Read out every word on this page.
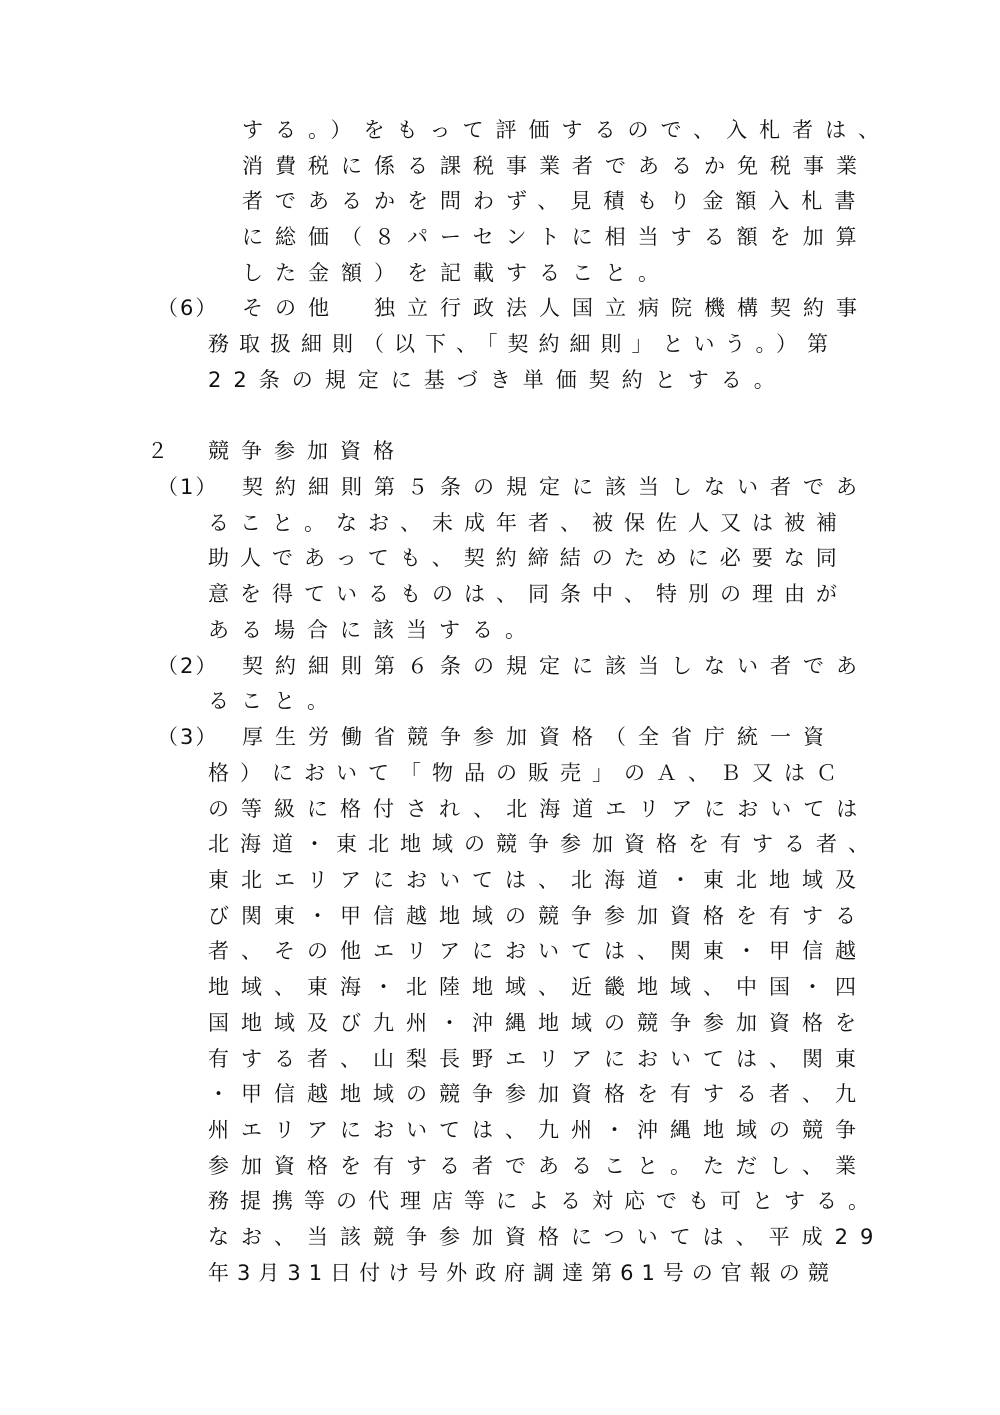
する。）をもって評価するので、入札者は、
消費税に係る課税事業者であるか免税事業
者であるかを問わず、見積もり金額入札書
に総価（８パーセントに相当する額を加算
した金額）を記載すること。
（6） その他　独立行政法人国立病院機構契約事
務取扱細則（以下、「契約細則」という。）第
22条の規定に基づき単価契約とする。
２ 競争参加資格
（1） 契約細則第５条の規定に該当しない者であ
ること。なお、未成年者、被保佐人又は被補
助人であっても、契約締結のために必要な同
意を得ているものは、同条中、特別の理由が
ある場合に該当する。
（2） 契約細則第６条の規定に該当しない者であ
ること。
（3） 厚生労働省競争参加資格（全省庁統一資
格）において「物品の販売」のＡ、Ｂ又はＣ
の等級に格付され、北海道エリアにおいては
北海道・東北地域の競争参加資格を有する者、
東北エリアにおいては、北海道・東北地域及
び関東・甲信越地域の競争参加資格を有する
者、その他エリアにおいては、関東・甲信越
地域、東海・北陸地域、近畿地域、中国・四
国地域及び九州・沖縄地域の競争参加資格を
有する者、山梨長野エリアにおいては、関東
・甲信越地域の競争参加資格を有する者、九
州エリアにおいては、九州・沖縄地域の競争
参加資格を有する者であること。ただし、業
務提携等の代理店等による対応でも可とする。
なお、当該競争参加資格については、平成29
年3月31日付け号外政府調達第61号の官報の競
